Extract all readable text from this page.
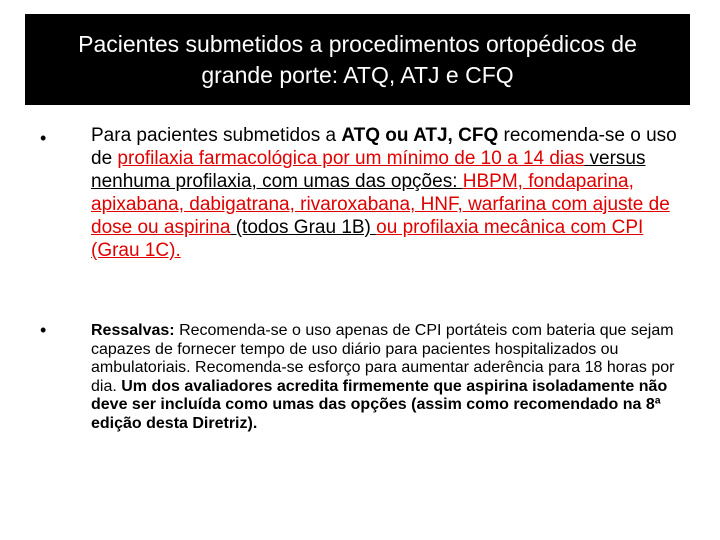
Pacientes submetidos a procedimentos ortopédicos de
grande porte: ATQ, ATJ e CFQ
• Para pacientes submetidos a ATQ ou ATJ, CFQ recomenda-se o uso de profilaxia farmacológica por um mínimo de 10 a 14 dias versus nenhuma profilaxia, com umas das opções: HBPM, fondaparina, apixabana, dabigatrana, rivaroxabana, HNF, warfarina com ajuste de dose ou aspirina (todos Grau 1B) ou profilaxia mecânica com CPI (Grau 1C).
•	Ressalvas: Recomenda-se o uso apenas de CPI portáteis com bateria que sejam capazes de fornecer tempo de uso diário para pacientes hospitalizados ou ambulatoriais. Recomenda-se esforço para aumentar aderência para 18 horas por dia. Um dos avaliadores acredita firmemente que aspirina isoladamente não deve ser incluída como umas das opções (assim como recomendado na 8ª edição desta Diretriz).
